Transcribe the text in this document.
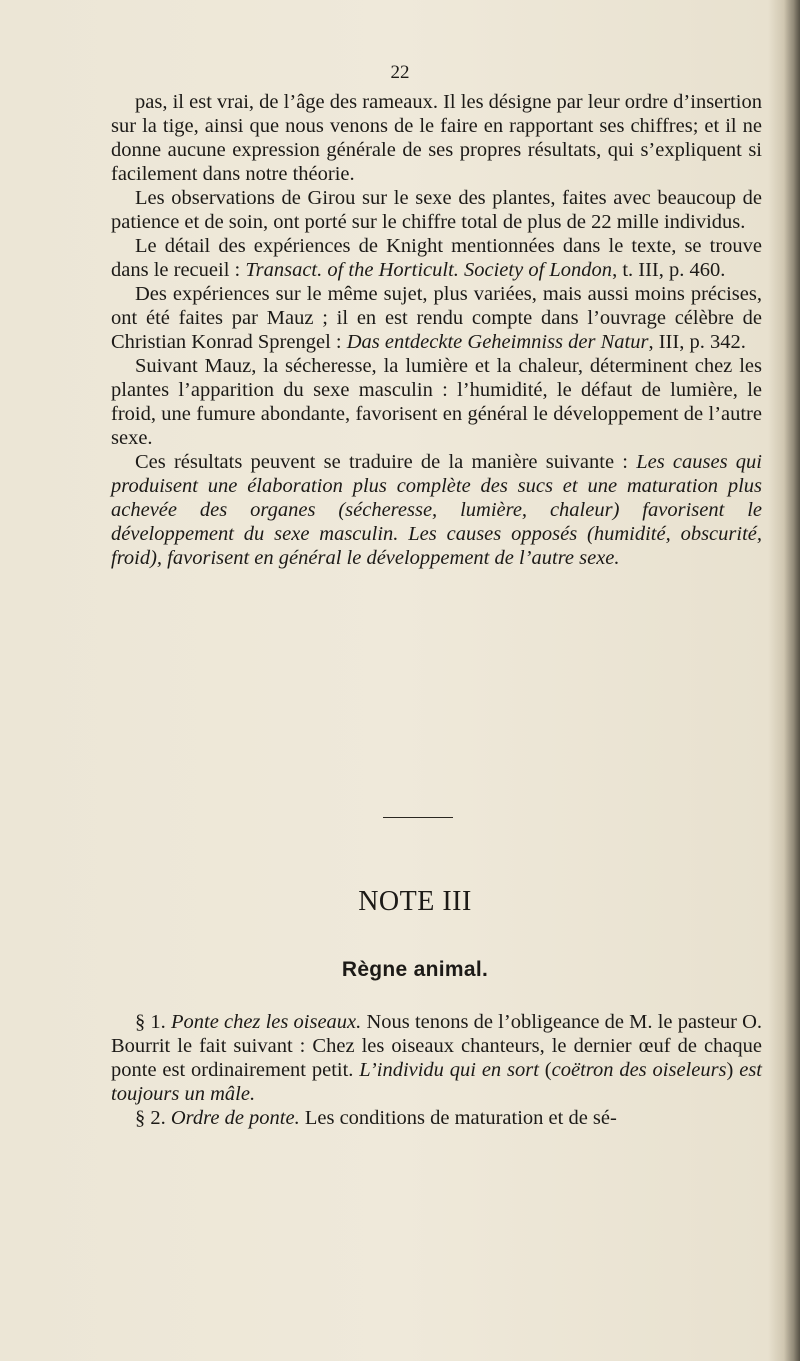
22

pas, il est vrai, de l’âge des rameaux. Il les désigne par leur ordre d’insertion sur la tige, ainsi que nous venons de le faire en rapportant ses chiffres; et il ne donne aucune expression générale de ses propres résultats, qui s’expliquent si facilement dans notre théorie.

Les observations de Girou sur le sexe des plantes, faites avec beaucoup de patience et de soin, ont porté sur le chiffre total de plus de 22 mille individus.

Le détail des expériences de Knight mentionnées dans le texte, se trouve dans le recueil : Transact. of the Horticult. Society of London, t. III, p. 460.

Des expériences sur le même sujet, plus variées, mais aussi moins précises, ont été faites par Mauz ; il en est rendu compte dans l’ouvrage célèbre de Christian Konrad Sprengel : Das entdeckte Geheimniss der Natur, III, p. 342.

Suivant Mauz, la sécheresse, la lumière et la chaleur, déterminent chez les plantes l’apparition du sexe masculin : l’humidité, le défaut de lumière, le froid, une fumure abondante, favorisent en général le développement de l’autre sexe.

Ces résultats peuvent se traduire de la manière suivante : Les causes qui produisent une élaboration plus complète des sucs et une maturation plus achevée des organes (sécheresse, lumière, chaleur) favorisent le développement du sexe masculin. Les causes opposés (humidité, obscurité, froid), favorisent en général le développement de l’autre sexe.

NOTE III
Règne animal.

§ 1. Ponte chez les oiseaux. Nous tenons de l’obligeance de M. le pasteur O. Bourrit le fait suivant : Chez les oiseaux chanteurs, le dernier œuf de chaque ponte est ordinairement petit. L’individu qui en sort (coëtron des oiseleurs) est toujours un mâle.

§ 2. Ordre de ponte. Les conditions de maturation et de sé-
